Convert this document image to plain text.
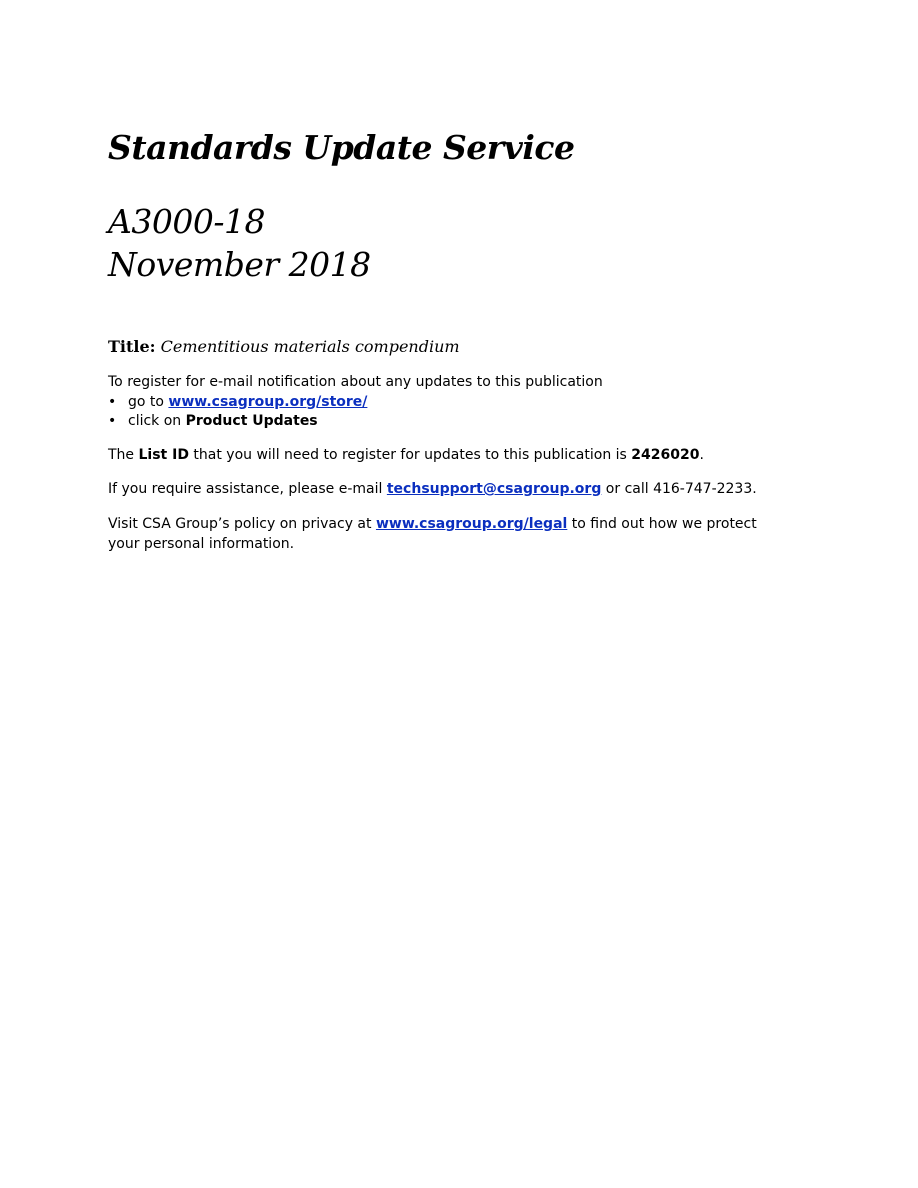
Standards Update Service
A3000-18
November 2018
Title: Cementitious materials compendium

To register for e-mail notification about any updates to this publication

• go to www.csagroup.org/store/
• click on Product Updates

The List ID that you will need to register for updates to this publication is 2426020.

If you require assistance, please e-mail techsupport@csagroup.org or call 416-747-2233.

Visit CSA Group’s policy on privacy at www.csagroup.org/legal to find out how we protect your personal information.
